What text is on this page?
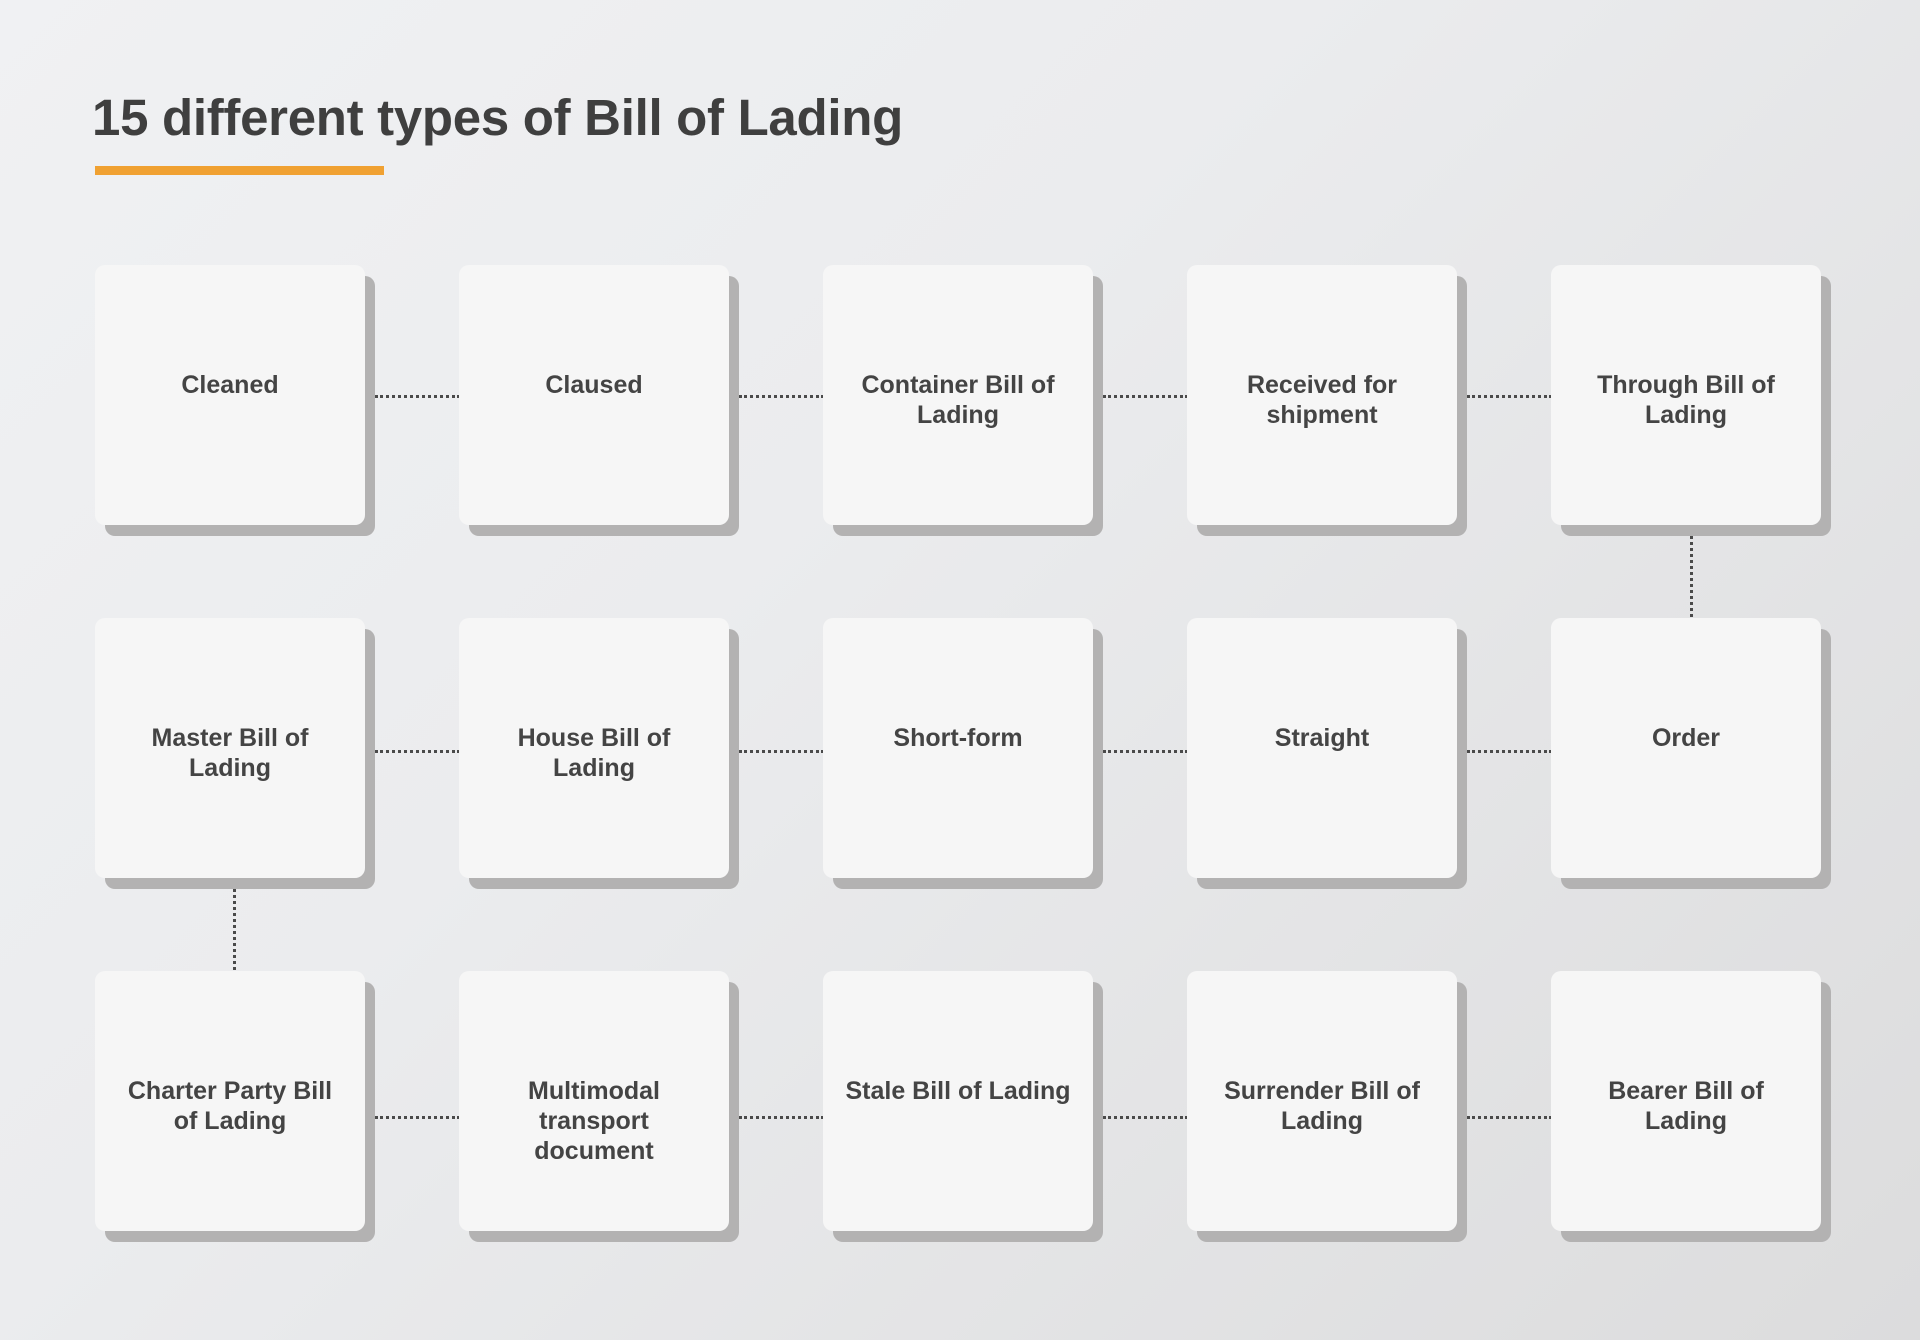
15 different types of Bill of Lading
Cleaned	Claused	Container Bill of Lading
Received for shipment
Through Bill of Lading
Master Bill of Lading
House Bill of Lading
Short-form	Straight	Order
Charter Party Bill of Lading
Multimodal transport document
Stale Bill of Lading	Surrender Bill of Lading
Bearer Bill of Lading
